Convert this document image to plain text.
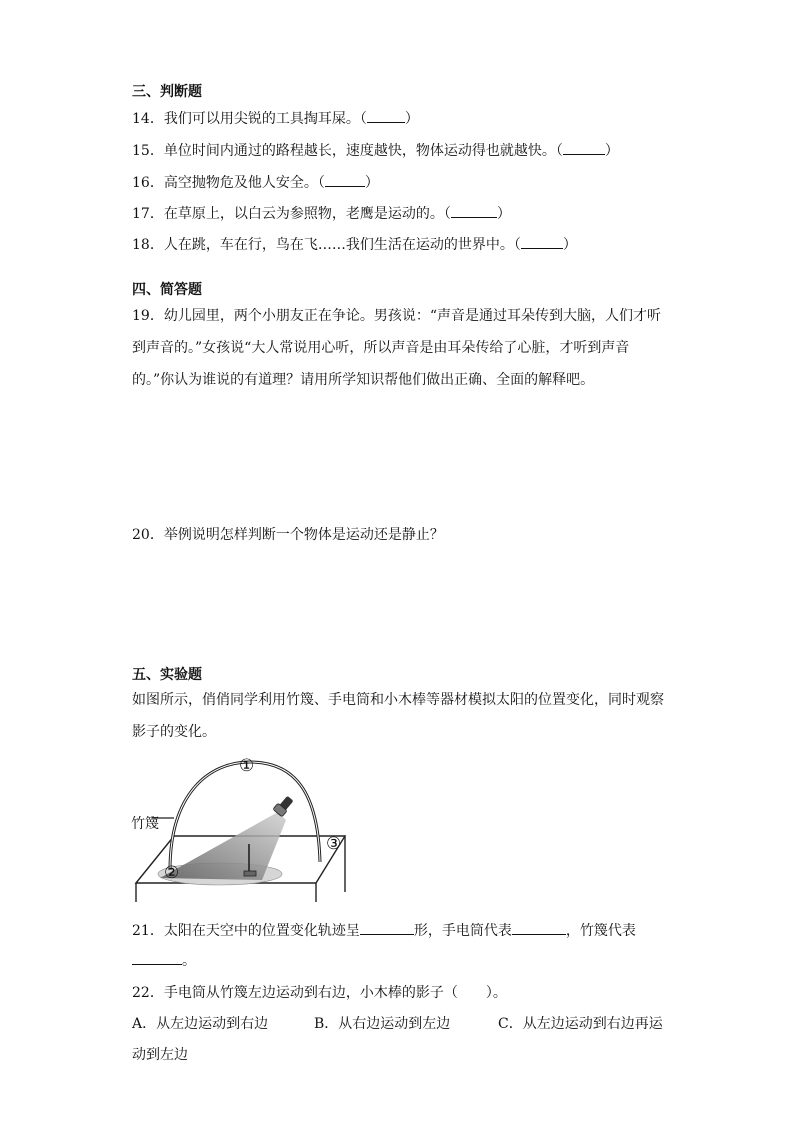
三、判断题
14．我们可以用尖锐的工具掏耳屎。（	）
15．单位时间内通过的路程越长，速度越快，物体运动得也就越快。（	）
16．高空抛物危及他人安全。（	）
17．在草原上，以白云为参照物，老鹰是运动的。（	）
18．人在跳，车在行，鸟在飞……我们生活在运动的世界中。（	）
四、简答题
19．幼儿园里，两个小朋友正在争论。男孩说：“声音是通过耳朵传到大脑，人们才听
到声音的。”女孩说“大人常说用心听，所以声音是由耳朵传给了心脏，才听到声音
的。”你认为谁说的有道理？请用所学知识帮他们做出正确、全面的解释吧。
20．举例说明怎样判断一个物体是运动还是静止？
五、实验题
如图所示，俏俏同学利用竹篾、手电筒和小木棒等器材模拟太阳的位置变化，同时观察
影子的变化。
竹篾
①
②
③
21．太阳在天空中的位置变化轨迹呈	形，手电筒代表	，竹篾代表
。
22．手电筒从竹篾左边运动到右边，小木棒的影子（　　）。
A．从左边运动到右边	B．从右边运动到左边	C．从左边运动到右边再运
动到左边
